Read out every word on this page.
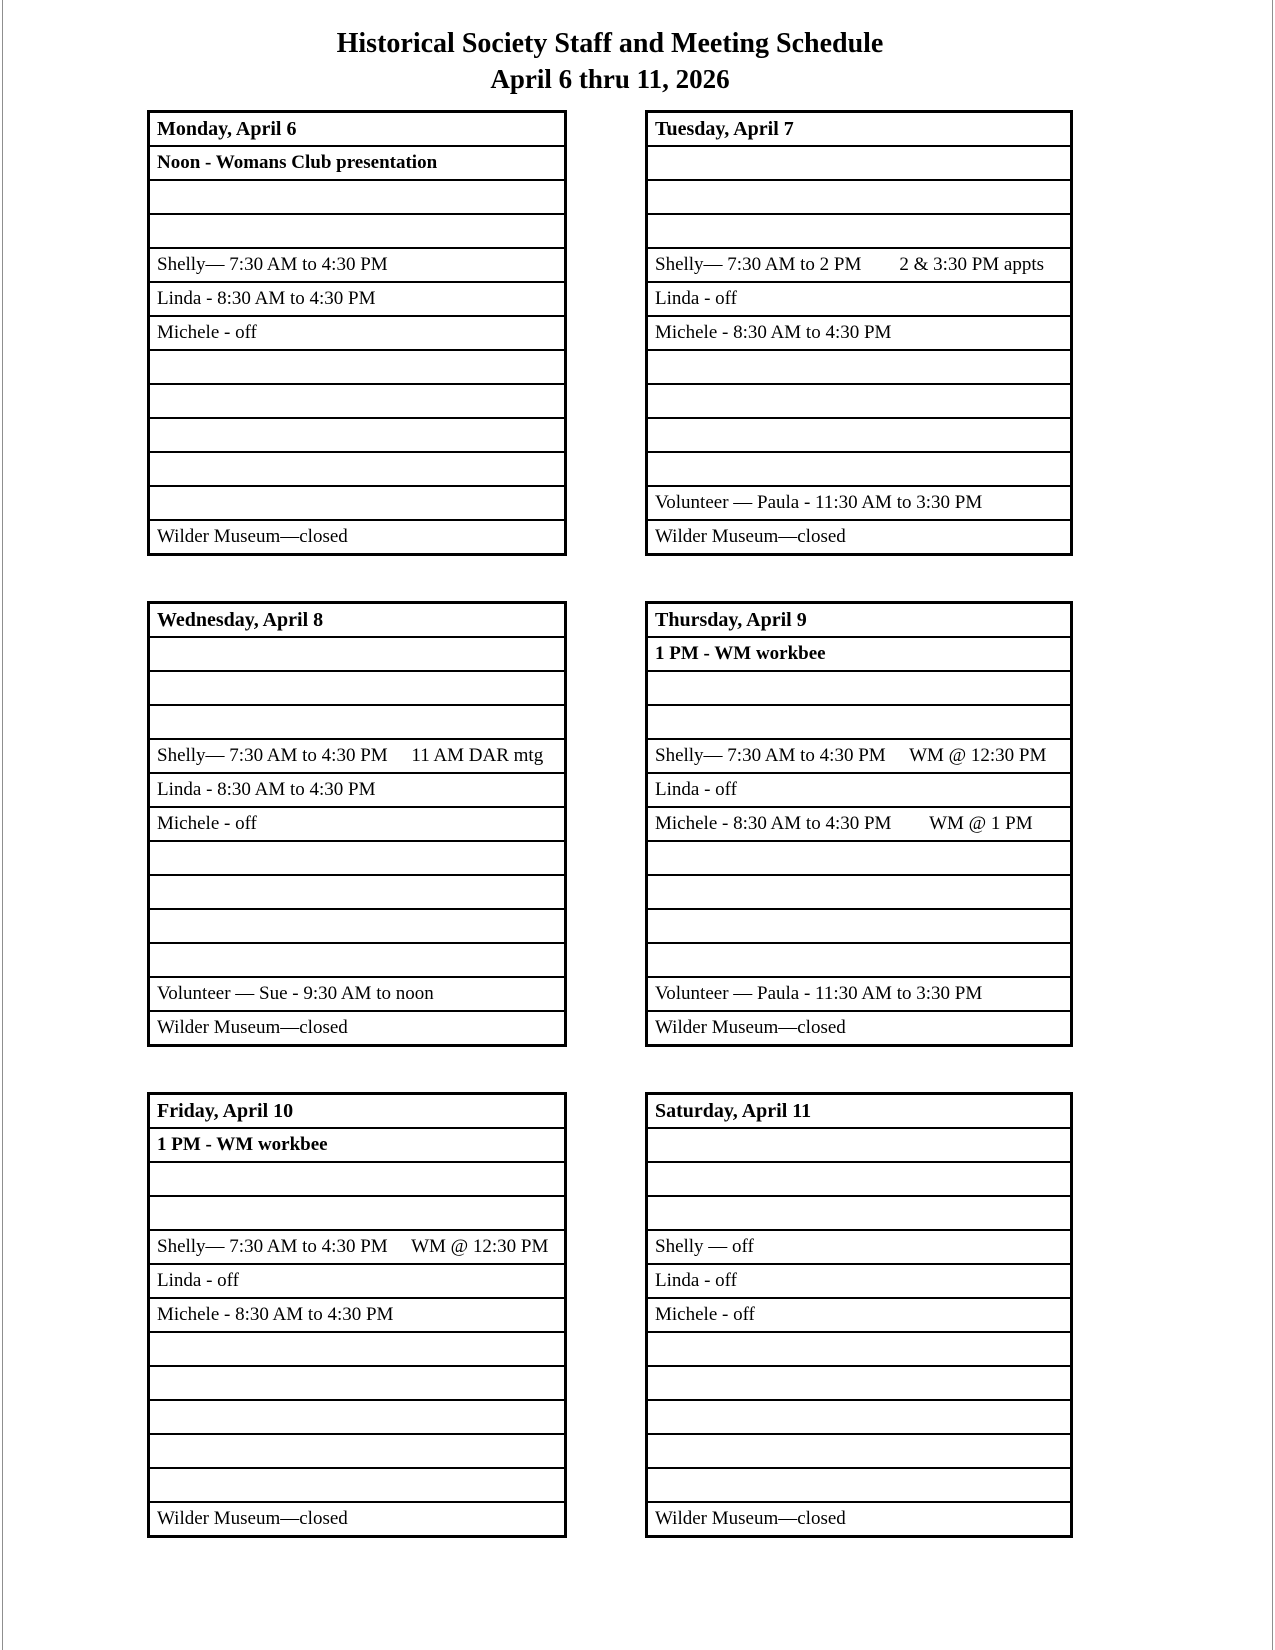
Historical Society Staff and Meeting Schedule
April 6 thru 11, 2026
Monday, April 6
Noon - Womans Club presentation
Shelly— 7:30 AM to 4:30 PM
Linda - 8:30 AM to 4:30 PM
Michele - off
Wilder Museum—closed
Tuesday, April 7
Shelly— 7:30 AM to 2 PM        2 & 3:30 PM appts
Linda - off
Michele - 8:30 AM to 4:30 PM
Volunteer — Paula - 11:30 AM to 3:30 PM
Wilder Museum—closed
Wednesday, April 8
Shelly— 7:30 AM to 4:30 PM     11 AM DAR mtg
Linda - 8:30 AM to 4:30 PM
Michele - off
Volunteer — Sue - 9:30 AM to noon
Wilder Museum—closed
Thursday, April 9
1 PM - WM workbee
Shelly— 7:30 AM to 4:30 PM     WM @ 12:30 PM
Linda - off
Michele - 8:30 AM to 4:30 PM        WM @ 1 PM
Volunteer — Paula - 11:30 AM to 3:30 PM
Wilder Museum—closed
Friday, April 10
1 PM - WM workbee
Shelly— 7:30 AM to 4:30 PM     WM @ 12:30 PM
Linda - off
Michele - 8:30 AM to 4:30 PM
Wilder Museum—closed
Saturday, April 11
Shelly — off
Linda - off
Michele - off
Wilder Museum—closed
